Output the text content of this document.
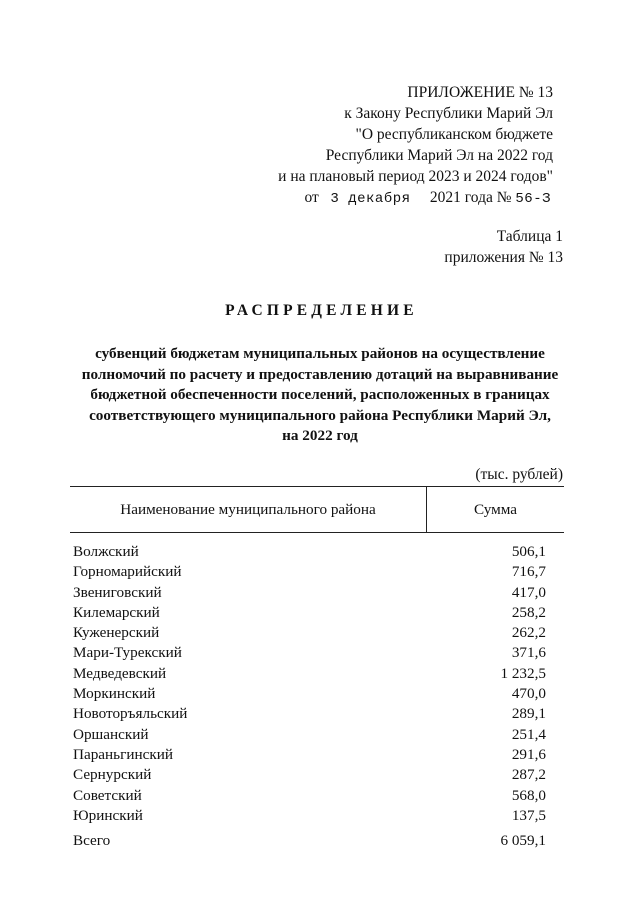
ПРИЛОЖЕНИЕ № 13
к Закону Республики Марий Эл
"О республиканском бюджете
Республики Марий Эл на 2022 год
и на плановый период 2023 и 2024 годов"
от 3 декабря 2021 года № 56-З
Таблица 1
приложения № 13
РАСПРЕДЕЛЕНИЕ
субвенций бюджетам муниципальных районов на осуществление
полномочий по расчету и предоставлению дотаций на выравнивание
бюджетной обеспеченности поселений, расположенных в границах
соответствующего муниципального района Республики Марий Эл,
на 2022 год
(тыс. рублей)
Наименование муниципального района	Сумма
Волжский	506,1
Горномарийский	716,7
Звениговский	417,0
Килемарский	258,2
Куженерский	262,2
Мари-Турекский	371,6
Медведевский	1 232,5
Моркинский	470,0
Новоторъяльский	289,1
Оршанский	251,4
Параньгинский	291,6
Сернурский	287,2
Советский	568,0
Юринский	137,5
Всего	6 059,1
